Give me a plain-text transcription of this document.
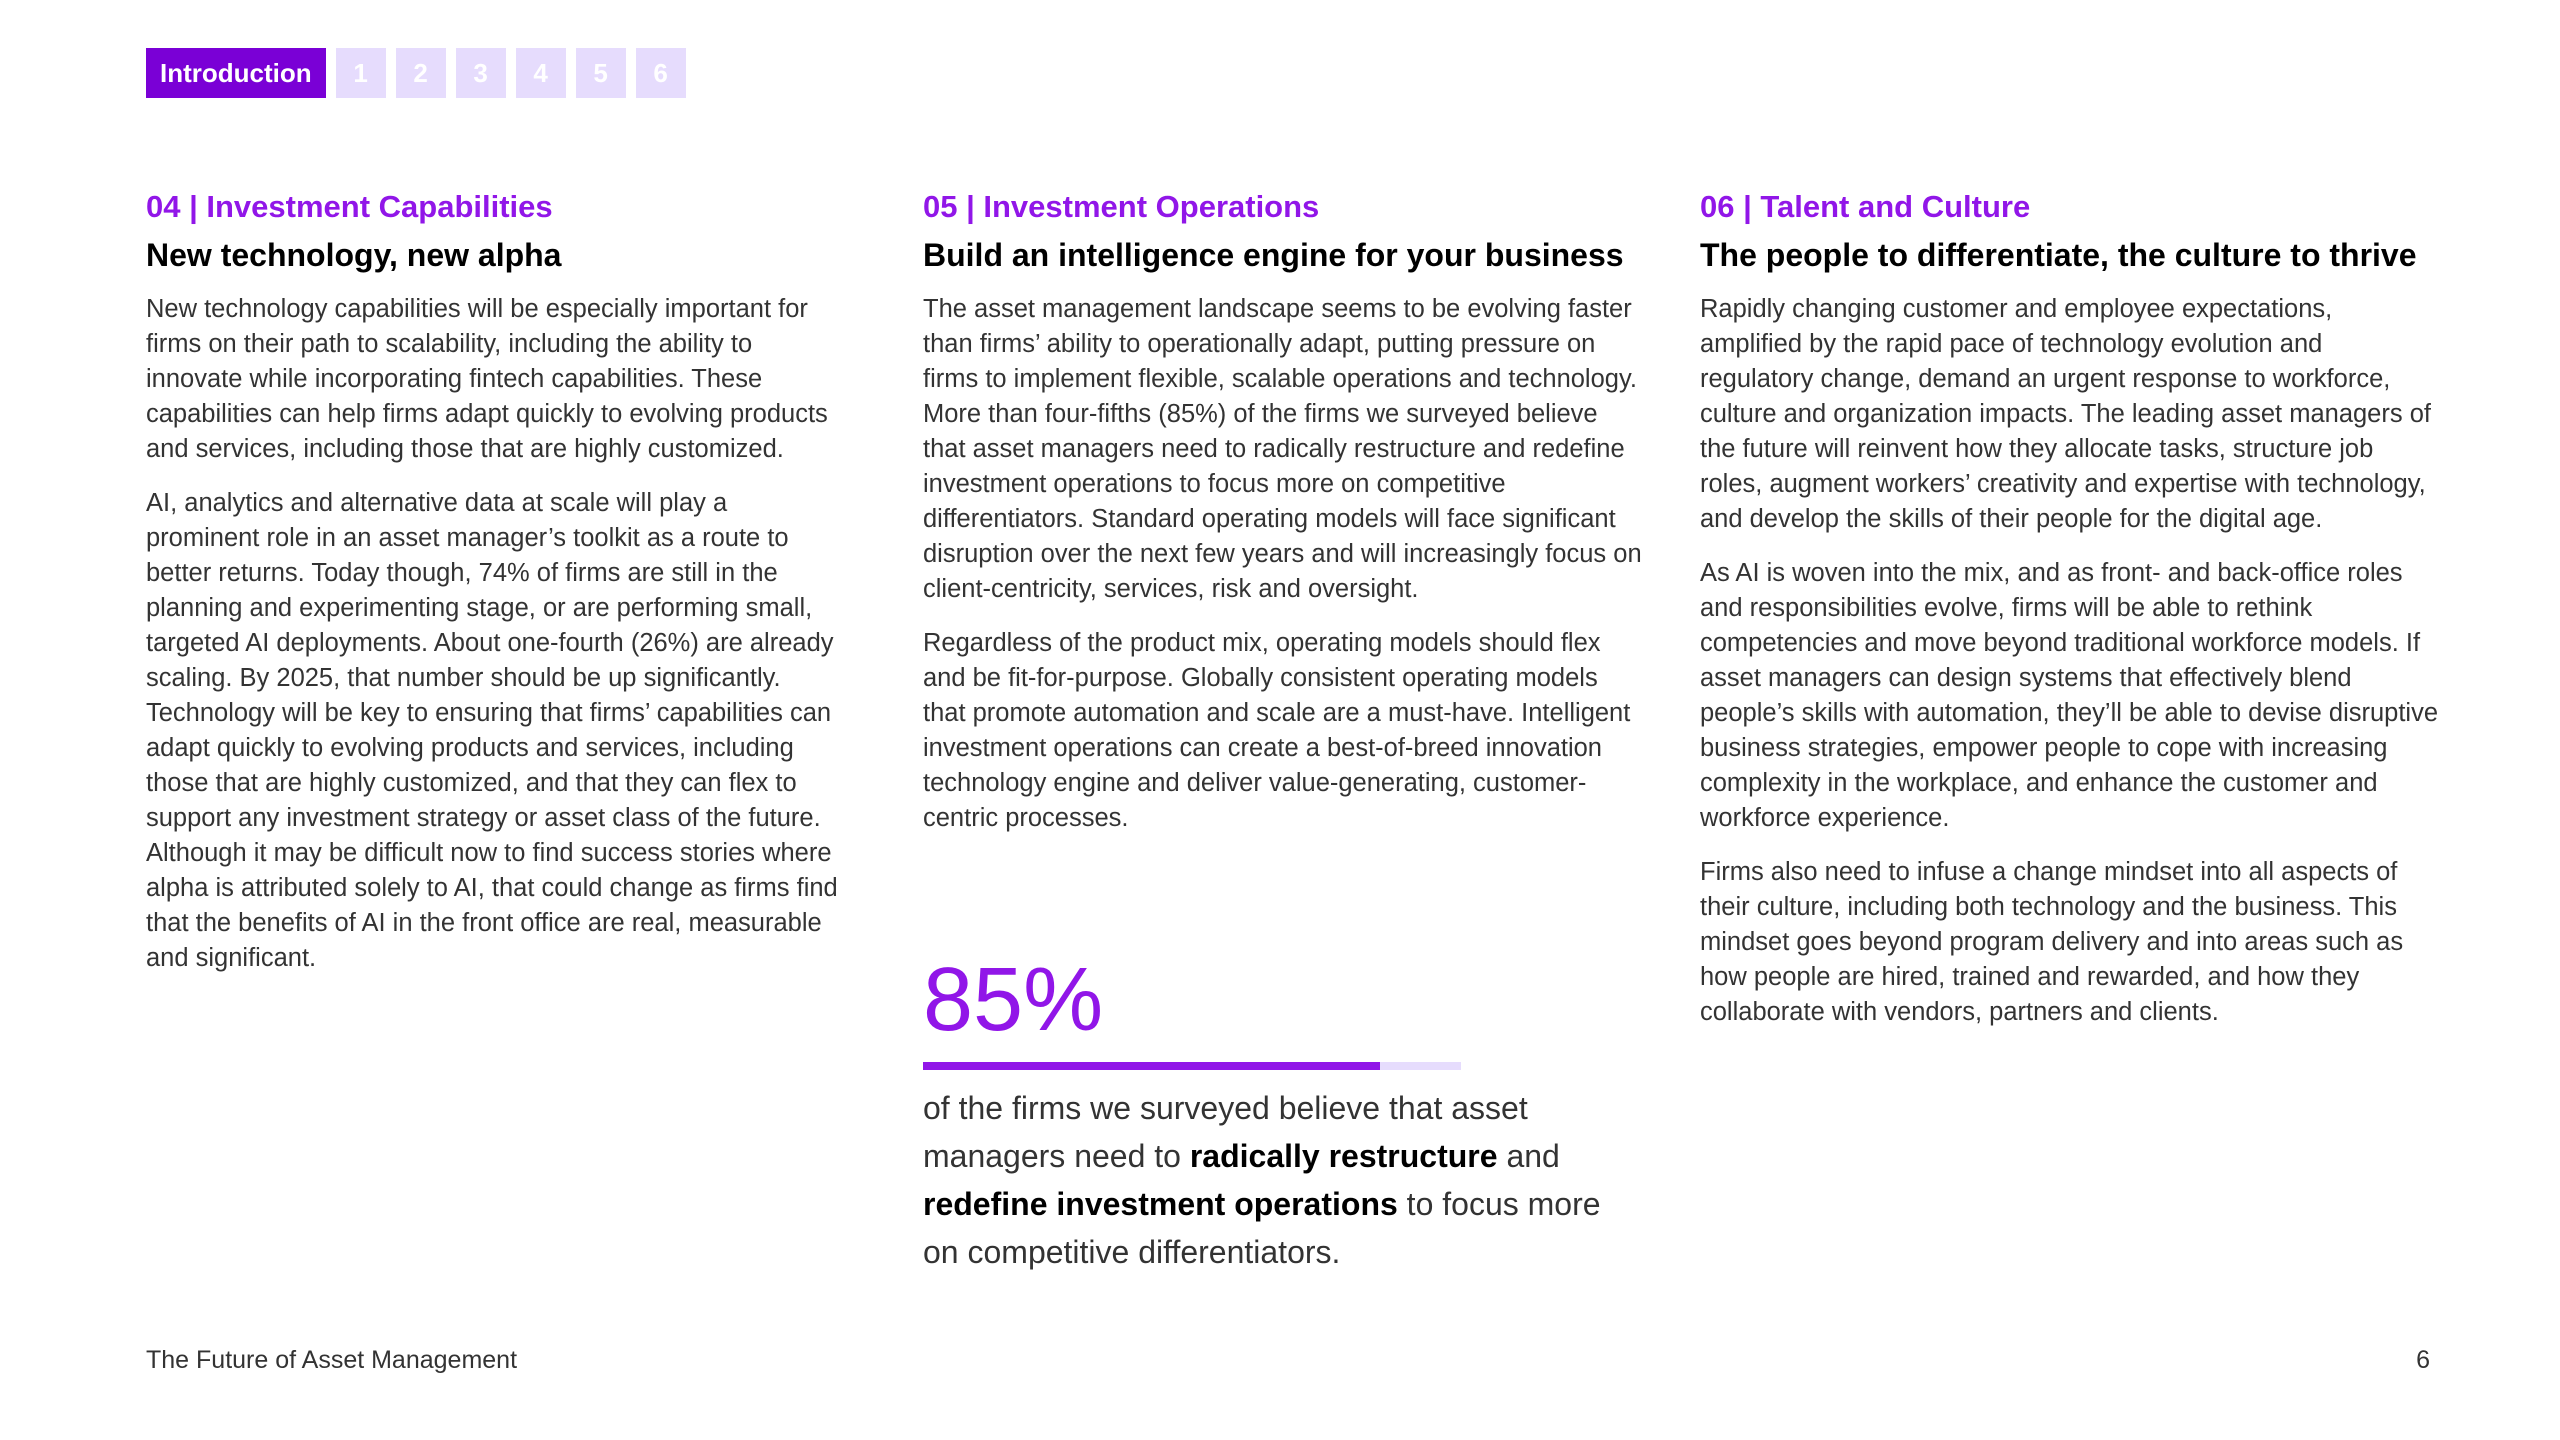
Introduction	1	2	3	4	5	6
04 | Investment Capabilities
New technology, new alpha
New technology capabilities will be especially important for firms on their path to scalability, including the ability to innovate while incorporating fintech capabilities. These capabilities can help firms adapt quickly to evolving products and services, including those that are highly customized.
AI, analytics and alternative data at scale will play a prominent role in an asset manager’s toolkit as a route to better returns. Today though, 74% of firms are still in the planning and experimenting stage, or are performing small, targeted AI deployments. About one-fourth (26%) are already scaling. By 2025, that number should be up significantly. Technology will be key to ensuring that firms’ capabilities can adapt quickly to evolving products and services, including those that are highly customized, and that they can flex to support any investment strategy or asset class of the future. Although it may be difficult now to find success stories where alpha is attributed solely to AI, that could change as firms find that the benefits of AI in the front office are real, measurable and significant.
05 | Investment Operations
Build an intelligence engine for your business
The asset management landscape seems to be evolving faster than firms’ ability to operationally adapt, putting pressure on firms to implement flexible, scalable operations and technology. More than four-fifths (85%) of the firms we surveyed believe that asset managers need to radically restructure and redefine investment operations to focus more on competitive differentiators. Standard operating models will face significant disruption over the next few years and will increasingly focus on client-centricity, services, risk and oversight.
Regardless of the product mix, operating models should flex and be fit-for-purpose. Globally consistent operating models that promote automation and scale are a must-have. Intelligent investment operations can create a best-of-breed innovation technology engine and deliver value-generating, customer-centric processes.
06 | Talent and Culture
The people to differentiate, the culture to thrive
Rapidly changing customer and employee expectations, amplified by the rapid pace of technology evolution and regulatory change, demand an urgent response to workforce, culture and organization impacts. The leading asset managers of the future will reinvent how they allocate tasks, structure job roles, augment workers’ creativity and expertise with technology, and develop the skills of their people for the digital age.
As AI is woven into the mix, and as front- and back-office roles and responsibilities evolve, firms will be able to rethink competencies and move beyond traditional workforce models. If asset managers can design systems that effectively blend people’s skills with automation, they’ll be able to devise disruptive business strategies, empower people to cope with increasing complexity in the workplace, and enhance the customer and workforce experience.
Firms also need to infuse a change mindset into all aspects of their culture, including both technology and the business. This mindset goes beyond program delivery and into areas such as how people are hired, trained and rewarded, and how they collaborate with vendors, partners and clients.
85%
of the firms we surveyed believe that asset managers need to radically restructure and redefine investment operations to focus more on competitive differentiators.
The Future of Asset Management	6
